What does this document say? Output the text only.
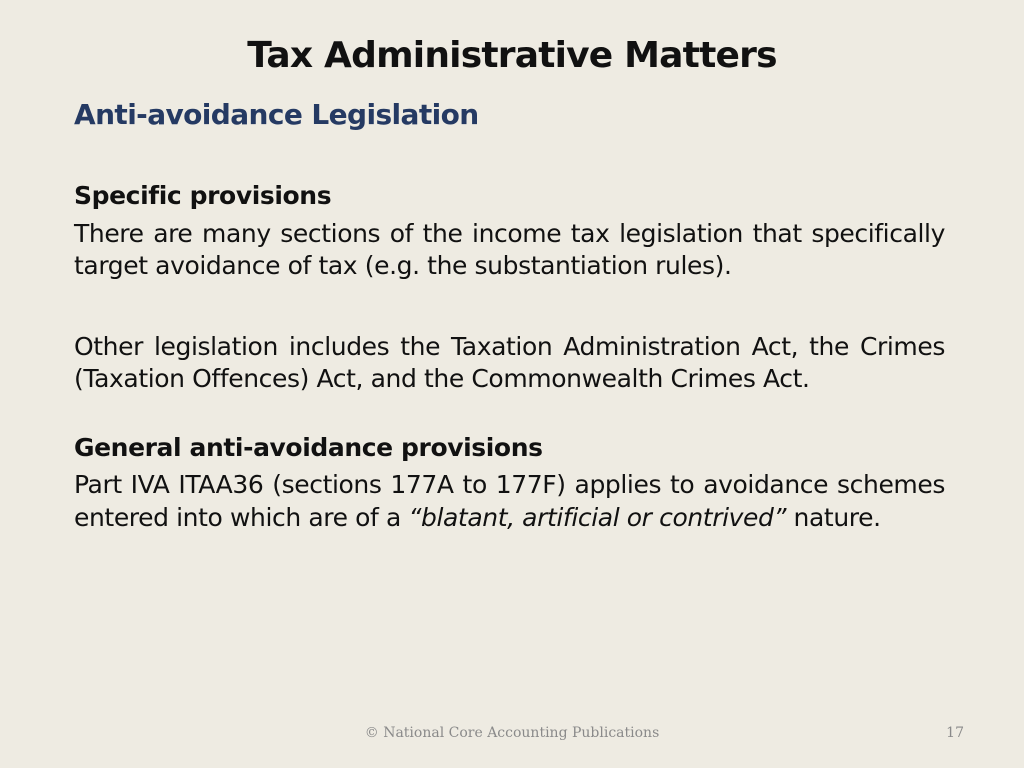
Tax Administrative Matters
Anti-avoidance Legislation
Specific provisions

There are many sections of the income tax legislation that specifically target avoidance of tax (e.g. the substantiation rules).

Other legislation includes the Taxation Administration Act, the Crimes (Taxation Offences) Act, and the Commonwealth Crimes Act.

General anti-avoidance provisions

Part IVA ITAA36 (sections 177A to 177F) applies to avoidance schemes entered into which are of a “blatant, artificial or contrived” nature.

© National Core Accounting Publications	17
